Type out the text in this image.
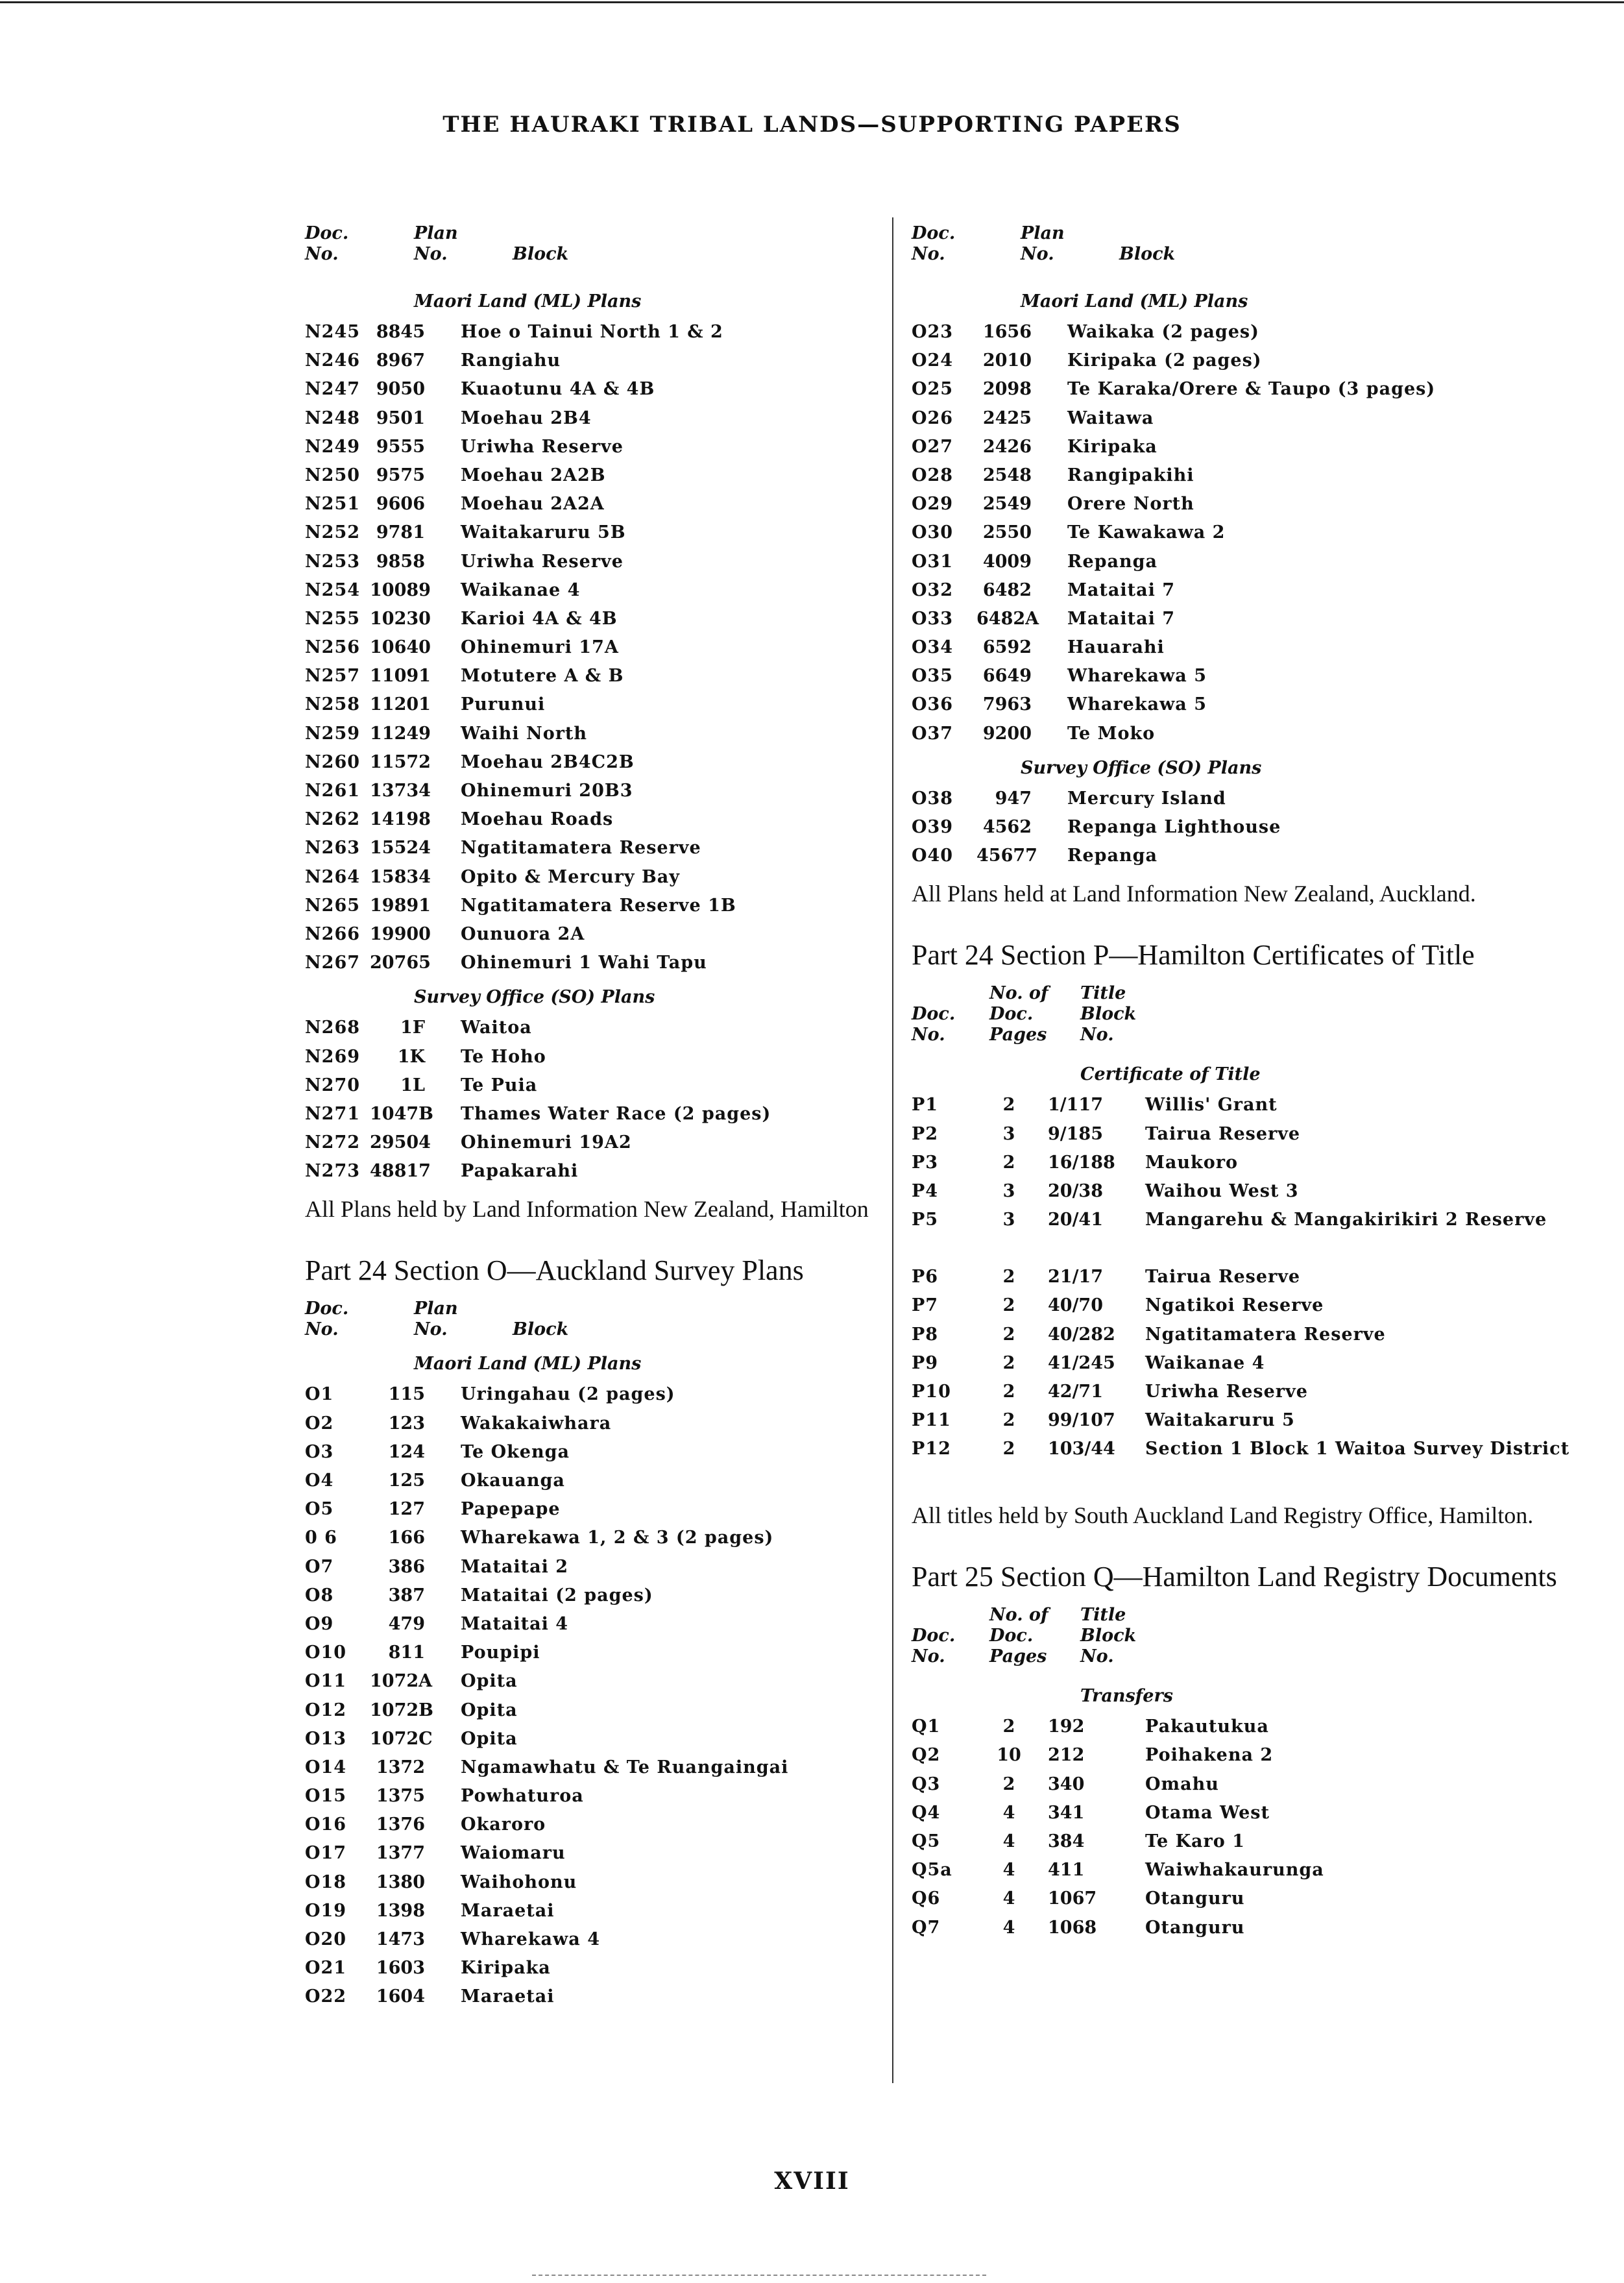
THE HAURAKI TRIBAL LANDS—SUPPORTING PAPERS
Doc. No.
Plan No.	Block
Maori Land (ML) Plans
N245 8845 Hoe o Tainui North 1 & 2
N246 8967 Rangiahu
N247 9050 Kuaotunu 4A & 4B
N248 9501 Moehau 2B4
N249 9555 Uriwha Reserve
N250 9575 Moehau 2A2B
N251 9606 Moehau 2A2A
N252 9781 Waitakaruru 5B
N253 9858 Uriwha Reserve
N254 10089 Waikanae 4
N255 10230 Karioi 4A & 4B
N256 10640 Ohinemuri 17A
N257 11091 Motutere A & B
N258 11201 Purunui
N259 11249 Waihi North
N260 11572 Moehau 2B4C2B
N261 13734 Ohinemuri 20B3
N262 14198 Moehau Roads
N263 15524 Ngatitamatera Reserve
N264 15834 Opito & Mercury Bay
N265 19891 Ngatitamatera Reserve 1B
N266 19900 Ounuora 2A
N267 20765 Ohinemuri 1 Wahi Tapu
Survey Office (SO) Plans
N268	1F Waitoa
N269	1K Te Hoho
N270	1L Te Puia
N271 1047B Thames Water Race (2 pages)
N272 29504 Ohinemuri 19A2
N273 48817 Papakarahi
All Plans held by Land Information New Zealand, Hamilton
Part 24 Section O—Auckland Survey Plans
Doc. No.
Plan No.	Block
Maori Land (ML) Plans
O1	115 Uringahau (2 pages)
O2	123 Wakakaiwhara
O3	124 Te Okenga
O4	125 Okauanga
O5	127 Papepape
0 6	166 Wharekawa 1, 2 & 3 (2 pages)
O7	386 Mataitai 2
O8	387 Mataitai (2 pages)
O9	479 Mataitai 4
O10	811 Poupipi
O11	1072A Opita
O12	1072B Opita
O13	1072C Opita
O14	1372 Ngamawhatu & Te Ruangaingai
O15	1375 Powhaturoa
O16	1376 Okaroro
O17	1377 Waiomaru
O18	1380 Waihohonu
O19	1398 Maraetai
O20	1473 Wharekawa 4
O21	1603 Kiripaka
O22	1604 Maraetai
Doc. No.
Plan No.	Block
Maori Land (ML) Plans
O23	1656 Waikaka (2 pages)
O24	2010 Kiripaka (2 pages)
O25	2098 Te Karaka/Orere & Taupo (3 pages)
O26	2425 Waitawa
O27	2426 Kiripaka
O28	2548 Rangipakihi
O29	2549 Orere North
O30	2550 Te Kawakawa 2
O31	4009 Repanga
O32	6482 Mataitai 7
O33	6482A Mataitai 7
O34	6592 Hauarahi
O35	6649 Wharekawa 5
O36	7963 Wharekawa 5
O37	9200 Te Moko
Survey Office (SO) Plans
O38	947 Mercury Island
O39	4562 Repanga Lighthouse
O40	45677 Repanga
All Plans held at Land Information New Zealand, Auckland.
Part 24 Section P—Hamilton Certificates of Title
Doc. No.
No. of Doc. Pages
Title Block No.
Certificate of Title
P1	2	1/117	Willis' Grant
P2	3	9/185	Tairua Reserve
P3	2	16/188	Maukoro
P4	3	20/38	Waihou West 3
P5	3	20/41	Mangarehu & Mangakirikiri 2 Reserve
P6	2	21/17	Tairua Reserve
P7	2	40/70	Ngatikoi Reserve
P8	2	40/282	Ngatitamatera Reserve
P9	2	41/245	Waikanae 4
P10	2	42/71	Uriwha Reserve
P11	2	99/107	Waitakaruru 5
P12	2	103/44	Section 1 Block 1 Waitoa Survey District
All titles held by South Auckland Land Registry Office, Hamilton.
Part 25 Section Q—Hamilton Land Registry Documents
Doc. No.
No. of Doc. Pages
Title Block No.
Transfers
Q1	2	192	Pakautukua
Q2	10	212	Poihakena 2
Q3	2	340	Omahu
Q4	4	341	Otama West
Q5	4	384	Te Karo 1
Q5a	4	411	Waiwhakaurunga
Q6	4	1067	Otanguru
Q7	4	1068	Otanguru
XVIII
